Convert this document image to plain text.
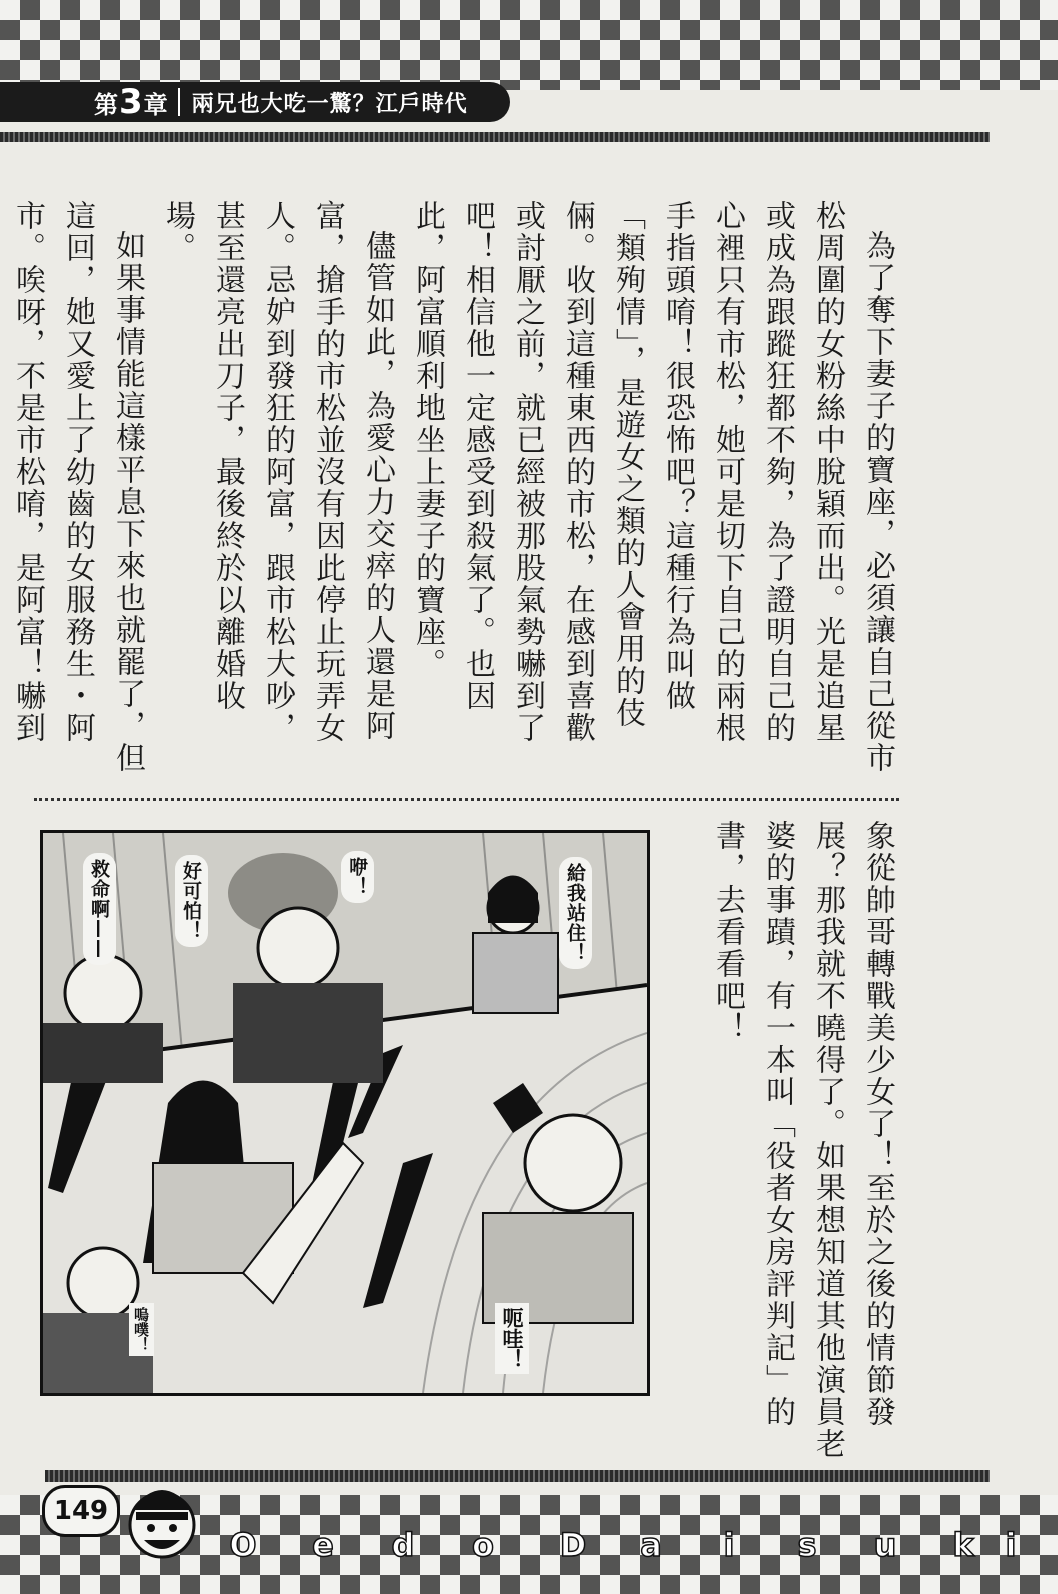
第3章 兩兄也大吃一驚？江戶時代

為了奪下妻子的寶座，必須讓自己從市松周圍的女粉絲中脫穎而出。光是追星或成為跟蹤狂都不夠，為了證明自己的心裡只有市松，她可是切下自己的兩根手指頭唷！很恐怖吧？這種行為叫做「類殉情」，是遊女之類的人會用的伎倆。收到這種東西的市松，在感到喜歡或討厭之前，就已經被那股氣勢嚇到了吧！相信他一定感受到殺氣了。也因此，阿富順利地坐上妻子的寶座。

儘管如此，為愛心力交瘁的人還是阿富，搶手的市松並沒有因此停止玩弄女人。忌妒到發狂的阿富，跟市松大吵，甚至還亮出刀子，最後終於以離婚收場。

如果事情能這樣平息下來也就罷了，但這回，她又愛上了幼齒的女服務生・阿市。唉呀，不是市松唷，是阿富！嚇到

象從帥哥轉戰美少女了！至於之後的情節發展？那我就不曉得了。如果想知道其他演員老婆的事蹟，有一本叫「役者女房評判記」的書，去看看吧！

給我站住！
咿！
好可怕！
救命啊——
呃哇！
嗚噗！
149
O	e	d	o	D	a	i	s	u	k i
